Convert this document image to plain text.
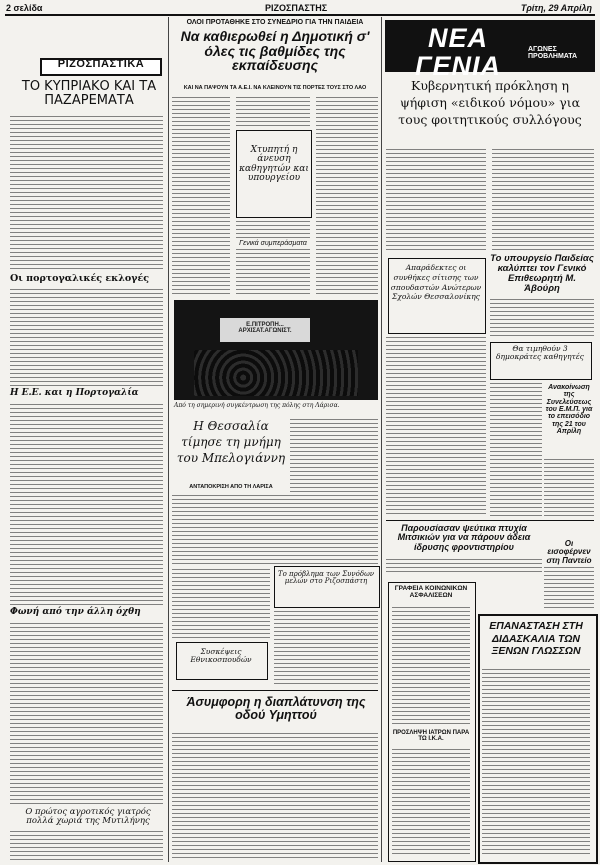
2 σελίδα	ΡΙΖΟΣΠΑΣΤΗΣ	Τρίτη, 29 Απρίλη
ΡΙΖΟΣΠΑΣΤΙΚΑ
ΤΟ ΚΥΠΡΙΑΚΟ ΚΑΙ ΤΑ ΠΑΖΑΡΕΜΑΤΑ
Οι πορτογαλικές εκλογές
Η Ε.Ε. και η Πορτογαλία
Φωνή από την άλλη όχθη
Ο πρώτος αγροτικός γιατρός πολλά χωριά της Μυτιλήνης
ΟΛΟΙ ΠΡΟΤΑΘΗΚΕ ΣΤΟ ΣΥΝΕΔΡΙΟ ΓΙΑ ΤΗΝ ΠΑΙΔΕΙΑ
Να καθιερωθεί η Δημοτική σ' όλες τις βαθμίδες της εκπαίδευσης
ΚΑΙ ΝΑ ΠΑΨΟΥΝ ΤΑ Α.Ε.Ι. ΝΑ ΚΛΕΙΝΟΥΝ ΤΙΣ ΠΟΡΤΕΣ ΤΟΥΣ ΣΤΟ ΛΑΟ
Χτυπητή η άνευση καθηγητών και υπουργείου
Γενικά συμπεράσματα
Ε.ΠΙΤΡΟΠΗ... ΑΡΧΙΣΑΤ.ΑΓΩΝΙΣΤ.
Από τη σημερινή συγκέντρωση της πόλης στη Λάρισα.
Η Θεσσαλία τίμησε τη μνήμη του Μπελογιάννη
ΑΝΤΑΠΟΚΡΙΣΗ ΑΠΟ ΤΗ ΛΑΡΙΣΑ
Το πρόβλημα των Συνόδων μελών στο Ριζοσπάστη
Συσκέψεις Εθνικοσπουδών
Άσυμφορη η διαπλάτυνση της οδού Υμηττού
ΝΕΑ ΓΕΝΙΑ
ΑΓΩΝΕΣ ΠΡΟΒΛΗΜΑΤΑ
Κυβερνητική πρόκληση η ψήφιση «ειδικού νόμου» για τους φοιτητικούς συλλόγους
Απαράδεκτες οι συνθήκες σίτισης των σπουδαστών Ανώτερων Σχολών Θεσσαλονίκης
Το υπουργείο Παιδείας καλύπτει τον Γενικό Επιθεωρητή Μ. Άβούρη
Θα τιμηθούν 3 δημοκράτες καθηγητές
Ανακοίνωση της Συνελεύσεως του Ε.Μ.Π. για το επεισόδιο της 21 του Απρίλη
Παρουσίασαν ψεύτικα πτυχία Μιτσικιών για να πάρουν άδεια ίδρυσης φροντιστηρίου	Οι εισοφέρνεν στη Παντείο
ΓΡΑΦΕΙΑ ΚΟΙΝΩΝΙΚΩΝ ΑΣΦΑΛΙΣΕΩΝ
ΠΡΟΣΛΗΨΗ ΙΑΤΡΩΝ ΠΑΡΑ ΤΩ Ι.Κ.Α.
ΕΠΑΝΑΣΤΑΣΗ ΣΤΗ ΔΙΔΑΣΚΑΛΙΑ ΤΩΝ ΞΕΝΩΝ ΓΛΩΣΣΩΝ
